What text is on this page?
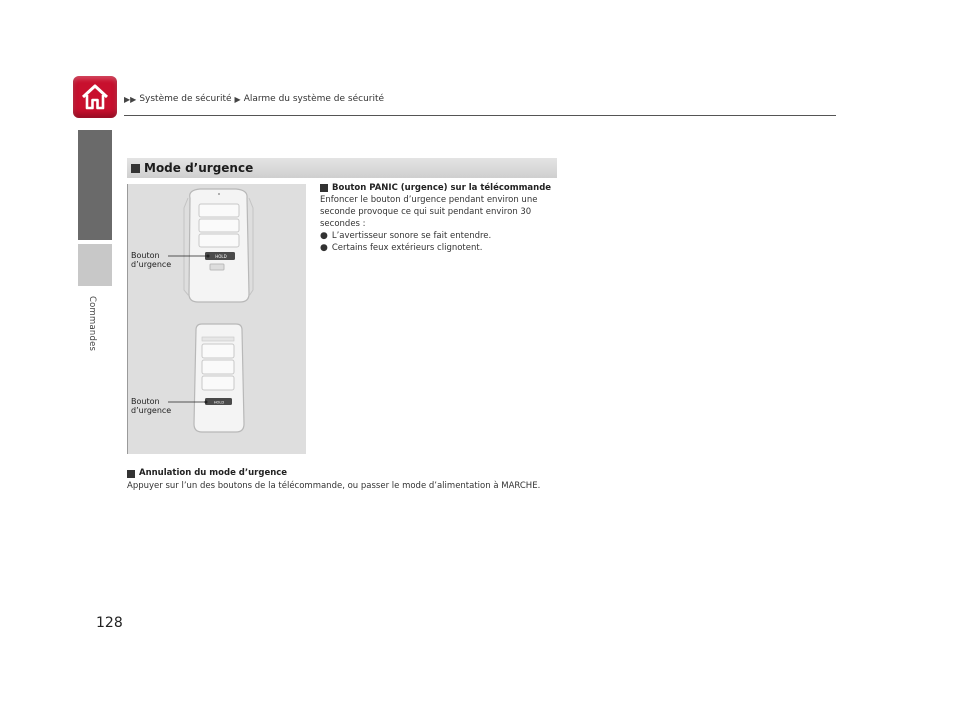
▶▶ Système de sécurité ▶ Alarme du système de sécurité
Commandes
128
Mode d’urgence
HOLD
HOLD
Bouton
d’urgence
Bouton
d’urgence
Bouton PANIC (urgence) sur la télécommande
Enfoncer le bouton d’urgence pendant environ une seconde provoque ce qui suit pendant environ 30 secondes :
● L’avertisseur sonore se fait entendre.
● Certains feux extérieurs clignotent.
Annulation du mode d’urgence
Appuyer sur l’un des boutons de la télécommande, ou passer le mode d’alimentation à MARCHE.
